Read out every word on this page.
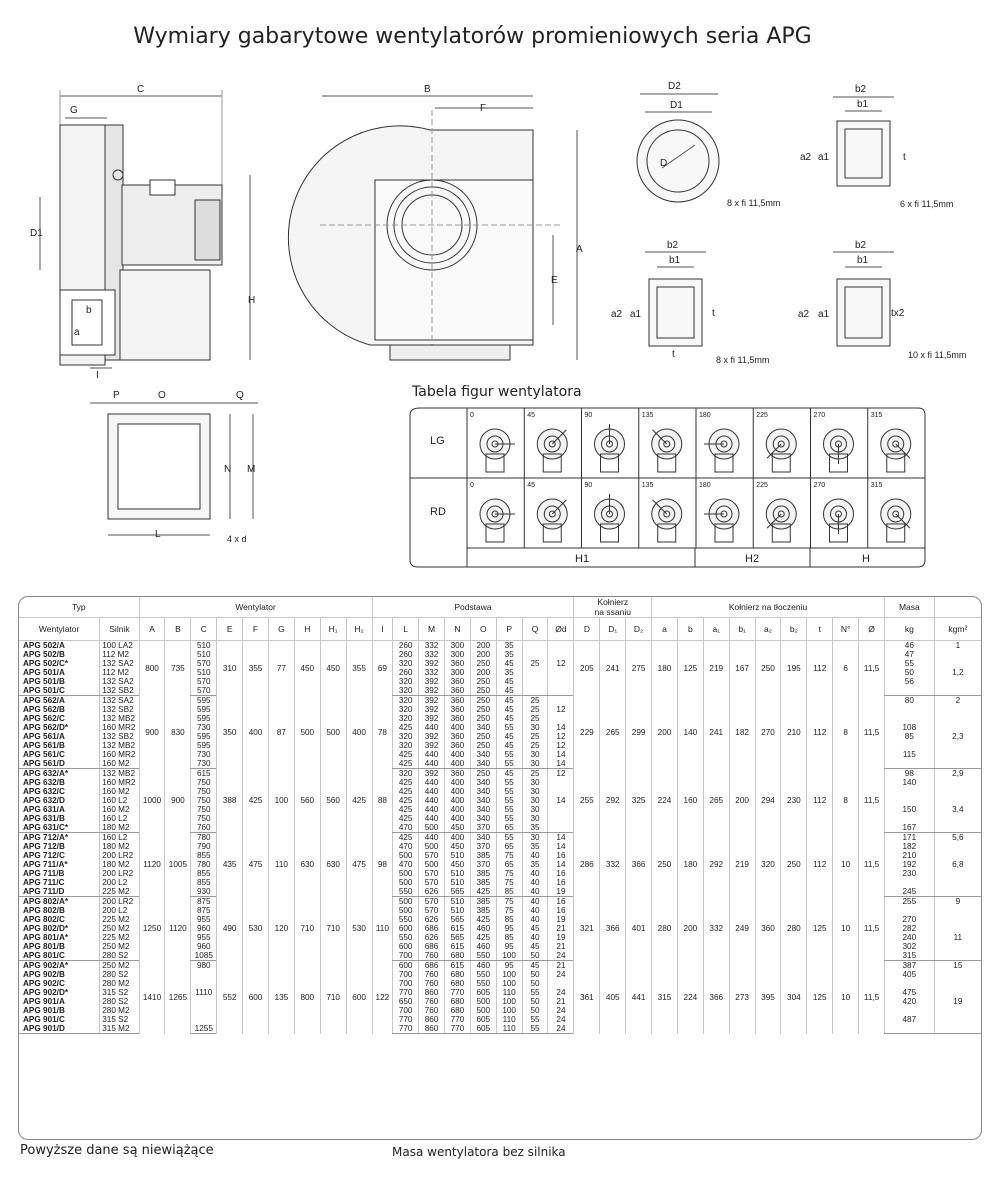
Wymiary gabarytowe wentylatorów promieniowych seria APG
0	45	90	135	180	225	270	315
0	45	90	135	180	225	270	315
C
G
D1
H
b
a
I
B
F
A
E
D2
D1
D
8 x fi 11,5mm
b2
b1
a2 a1	t
6 x fi 11,5mm
b2
b1
a2 a1	t
t	8 x fi 11,5mm
b2
b1
a2 a1	tx2
10 x fi 11,5mm
P	O	Q
N M
L	4 x d
LG
RD
H1	H2	H
Tabela figur wentylatora
Typ		Wentylator									Podstawa								Kołnierz
na ssaniu			Kołnierz na tłoczeniu									Masa	
Wentylator	Silnik	A	B	C	E	F	G	H	H₁	H₂	I	L	M	N	O	P	Q	Ød	D	D₁	D₂	a	b	a₁	b₁	a₂	b₂	t	N°	Ø	kg	kgm²
APG 502/A	100 LA2	800	735	510	310	355	77	450	450	355	69	260	332	300	200	35			205	241	275	180	125	219	167	250	195	112	6	11,5	46	1
APG 502/B	112 M2			510								260	332	300	200	35															47	
APG 502/C*	132 SA2			570								320	392	360	250	45	25	12													55	
APG 501/A	112 M2			510								260	332	300	200	35															50	1,2
APG 501/B	132 SA2			570								320	392	360	250	45															56	
APG 501/C	132 SB2			570								320	392	360	250	45																
APG 562/A	132 SA2	900	830	595	350	400	87	500	500	400	78	320	392	360	250	45	25		229	265	299	200	140	241	182	270	210	112	8	11,5	80	2
APG 562/B	132 SB2			595								320	392	360	250	45	25	12														
APG 562/C	132 MB2			595								320	392	360	250	45	25															
APG 562/D*	160 MR2			730								425	440	400	340	55	30	14													108	
APG 561/A	132 SB2			595								320	392	360	250	45	25	12													85	2,3
APG 561/B	132 MB2			595								320	392	360	250	45	25	12														
APG 561/C	160 MR2			730								425	440	400	340	55	30	14													115	
APG 561/D	160 M2			730								425	440	400	340	55	30	14														
APG 632/A*	132 MB2	1000	900	615	388	425	100	560	560	425	88	320	392	360	250	45	25	12	255	292	325	224	160	265	200	294	230	112	8	11,5	98	2,9
APG 632/B	160 MR2			750								425	440	400	340	55	30														140	
APG 632/C	160 M2			750								425	440	400	340	55	30															
APG 632/D	160 L2			750								425	440	400	340	55	30	14														
APG 631/A	160 M2			750								425	440	400	340	55	30														150	3,4
APG 631/B	160 L2			750								425	440	400	340	55	30															
APG 631/C*	180 M2			760								470	500	450	370	65	35														167	
APG 712/A*	160 L2	1120	1005	780	435	475	110	630	630	475	98	425	440	400	340	55	30	14	286	332	366	250	180	292	219	320	250	112	10	11,5	171	5,6
APG 712/B	180 M2			790								470	500	450	370	65	35	14													182	
APG 712/C	200 LR2			855								500	570	510	385	75	40	16													210	
APG 711/A*	180 M2			780								470	500	450	370	65	35	14													192	6,8
APG 711/B	200 LR2			855								500	570	510	385	75	40	16													230	
APG 711/C	200 L2			855								500	570	510	385	75	40	16														
APG 711/D	225 M2			930								550	626	565	425	85	40	19													245	
APG 802/A*	200 LR2	1250	1120	875	490	530	120	710	710	530	110	500	570	510	385	75	40	16	321	366	401	280	200	332	249	360	280	125	10	11,5	255	9
APG 802/B	200 L2			875								500	570	510	385	75	40	16														
APG 802/C	225 M2			955								550	626	565	425	85	40	19													270	
APG 802/D*	250 M2			960								600	686	615	460	95	45	21													282	
APG 801/A*	225 M2			955								550	626	565	425	85	40	19													240	11
APG 801/B	250 M2			960								600	686	615	460	95	45	21													302	
APG 801/C	280 S2			1085								700	760	680	550	100	50	24													315	
APG 902/A*	250 M2	1410	1265	980	552	600	135	800	710	600	122	600	686	615	460	95	45	21	361	405	441	315	224	366	273	395	304	125	10	11,5	387	15
APG 902/B	280 S2											700	760	680	550	100	50	24													405	
APG 902/C	280 M2											700	760	680	550	100	50															
APG 902/D*	315 S2			1110								770	860	770	605	110	55	24													475	
APG 901/A	280 S2											650	760	680	500	100	50	21													420	19
APG 901/B	280 M2											700	760	680	500	100	50	24														
APG 901/C	315 S2											770	860	770	605	110	55	24													487	
APG 901/D	315 M2			1255								770	860	770	605	110	55	24														
Powyższe dane są niewiążące	Masa wentylatora bez silnika
